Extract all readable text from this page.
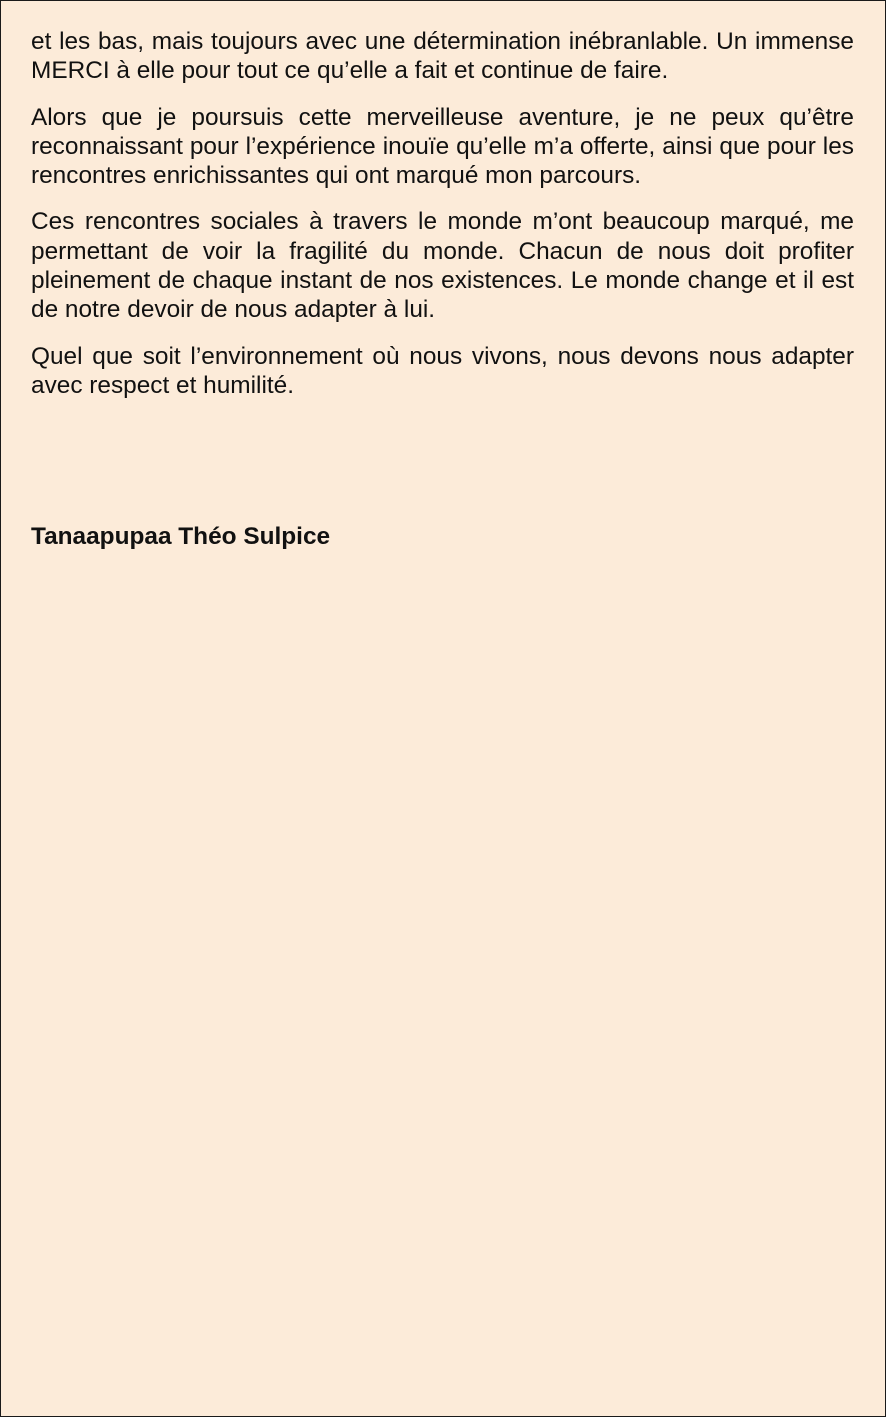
et les bas, mais toujours avec une détermination inébranlable. Un immense MERCI à elle pour tout ce qu’elle a fait et continue de faire.

Alors que je poursuis cette merveilleuse aventure, je ne peux qu’être reconnaissant pour l’expérience inouïe qu’elle m’a offerte, ainsi que pour les rencontres enrichissantes qui ont marqué mon parcours.

Ces rencontres sociales à travers le monde m’ont beaucoup marqué, me permettant de voir la fragilité du monde. Chacun de nous doit profiter pleinement de chaque instant de nos existences. Le monde change et il est de notre devoir de nous adapter à lui.

Quel que soit l’environnement où nous vivons, nous devons nous adapter avec respect et humilité.

Tanaapupaa Théo Sulpice
